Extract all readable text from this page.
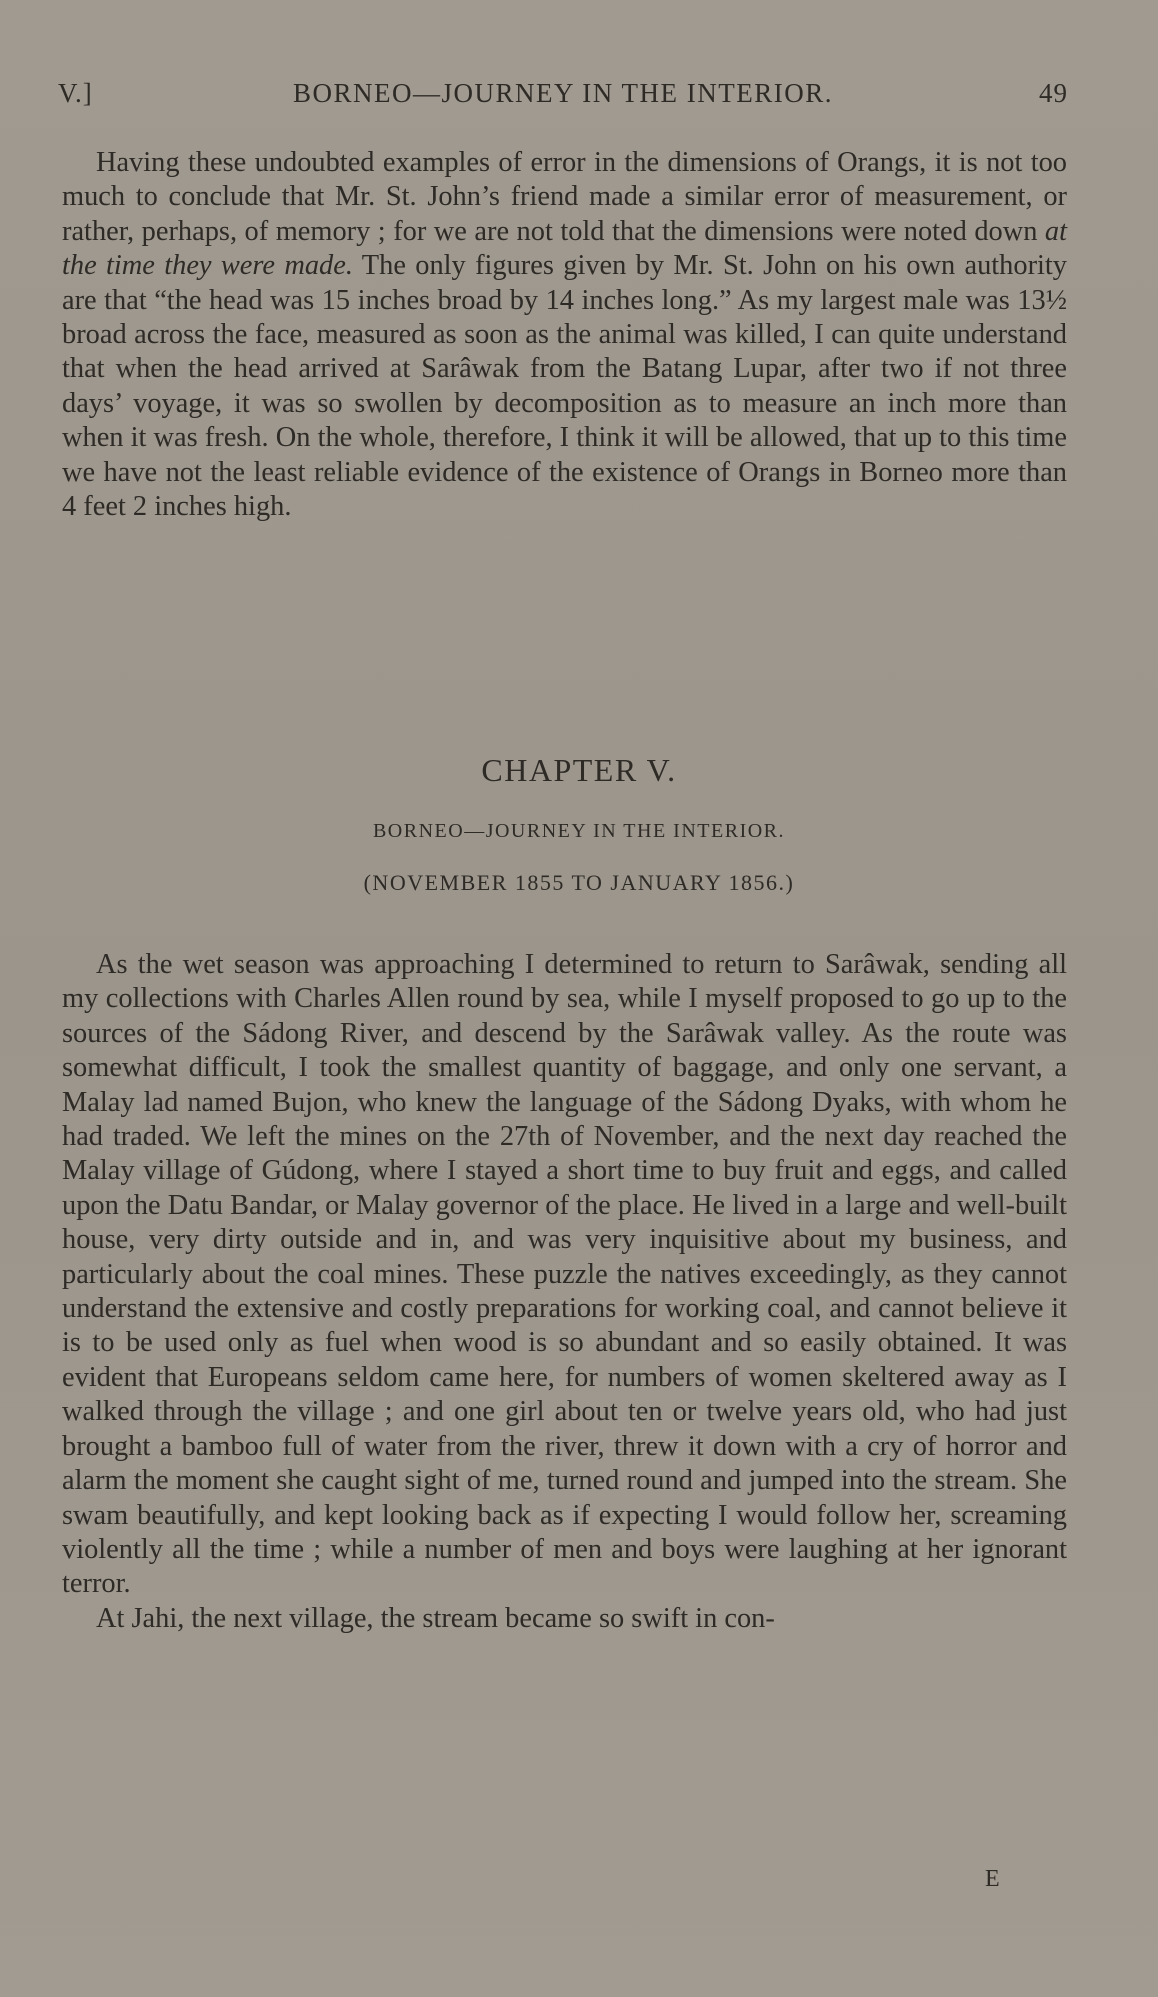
V.]	BORNEO—JOURNEY IN THE INTERIOR.	49

Having these undoubted examples of error in the dimensions of Orangs, it is not too much to conclude that Mr. St. John’s friend made a similar error of measurement, or rather, perhaps, of memory ; for we are not told that the dimensions were noted down at the time they were made. The only figures given by Mr. St. John on his own authority are that “the head was 15 inches broad by 14 inches long.” As my largest male was 13½ broad across the face, measured as soon as the animal was killed, I can quite understand that when the head arrived at Sarâwak from the Batang Lupar, after two if not three days’ voyage, it was so swollen by decomposition as to measure an inch more than when it was fresh. On the whole, therefore, I think it will be allowed, that up to this time we have not the least reliable evidence of the existence of Orangs in Borneo more than 4 feet 2 inches high.

CHAPTER V.
BORNEO—JOURNEY IN THE INTERIOR.
(NOVEMBER 1855 TO JANUARY 1856.)

As the wet season was approaching I determined to return to Sarâwak, sending all my collections with Charles Allen round by sea, while I myself proposed to go up to the sources of the Sádong River, and descend by the Sarâwak valley. As the route was somewhat difficult, I took the smallest quantity of baggage, and only one servant, a Malay lad named Bujon, who knew the language of the Sádong Dyaks, with whom he had traded. We left the mines on the 27th of November, and the next day reached the Malay village of Gúdong, where I stayed a short time to buy fruit and eggs, and called upon the Datu Bandar, or Malay governor of the place. He lived in a large and well-built house, very dirty outside and in, and was very inquisitive about my business, and particularly about the coal mines. These puzzle the natives exceedingly, as they cannot understand the extensive and costly preparations for working coal, and cannot believe it is to be used only as fuel when wood is so abundant and so easily obtained. It was evident that Europeans seldom came here, for numbers of women skeltered away as I walked through the village ; and one girl about ten or twelve years old, who had just brought a bamboo full of water from the river, threw it down with a cry of horror and alarm the moment she caught sight of me, turned round and jumped into the stream. She swam beautifully, and kept looking back as if expecting I would follow her, screaming violently all the time ; while a number of men and boys were laughing at her ignorant terror.

At Jahi, the next village, the stream became so swift in con-

E
